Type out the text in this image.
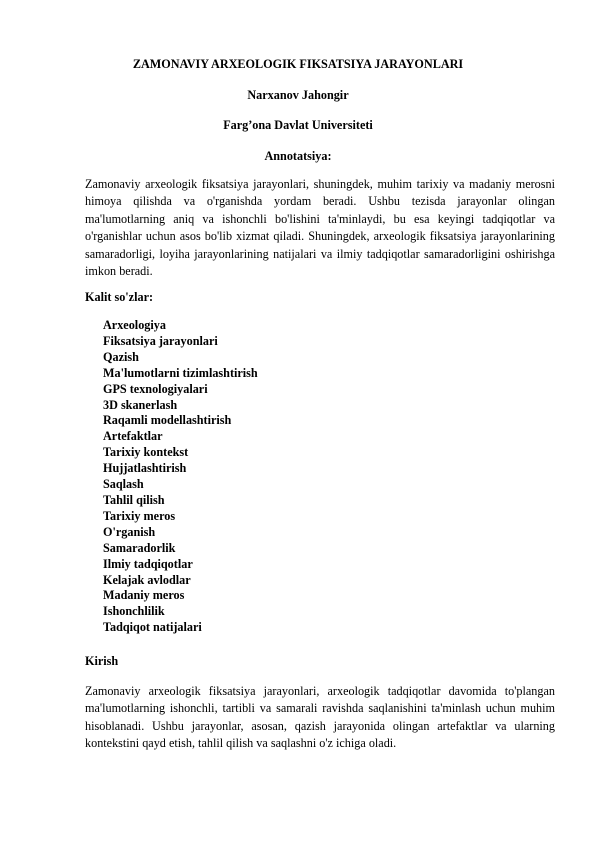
ZAMONAVIY ARXEOLOGIK FIKSATSIYA JARAYONLARI
Narxanov Jahongir
Farg’ona Davlat Universiteti
Annotatsiya:

Zamonaviy arxeologik fiksatsiya jarayonlari, shuningdek, muhim tarixiy va madaniy merosni himoya qilishda va o'rganishda yordam beradi. Ushbu tezisda jarayonlar olingan ma'lumotlarning aniq va ishonchli bo'lishini ta'minlaydi, bu esa keyingi tadqiqotlar va o'rganishlar uchun asos bo'lib xizmat qiladi. Shuningdek, arxeologik fiksatsiya jarayonlarining samaradorligi, loyiha jarayonlarining natijalari va ilmiy tadqiqotlar samaradorligini oshirishga imkon beradi.

Kalit so'zlar:
Arxeologiya
Fiksatsiya jarayonlari
Qazish
Ma'lumotlarni tizimlashtirish
GPS texnologiyalari
3D skanerlash
Raqamli modellashtirish
Artefaktlar
Tarixiy kontekst
Hujjatlashtirish
Saqlash
Tahlil qilish
Tarixiy meros
O'rganish
Samaradorlik
Ilmiy tadqiqotlar
Kelajak avlodlar
Madaniy meros
Ishonchlilik
Tadqiqot natijalari
Kirish

Zamonaviy arxeologik fiksatsiya jarayonlari, arxeologik tadqiqotlar davomida to'plangan ma'lumotlarning ishonchli, tartibli va samarali ravishda saqlanishini ta'minlash uchun muhim hisoblanadi. Ushbu jarayonlar, asosan, qazish jarayonida olingan artefaktlar va ularning kontekstini qayd etish, tahlil qilish va saqlashni o'z ichiga oladi.
